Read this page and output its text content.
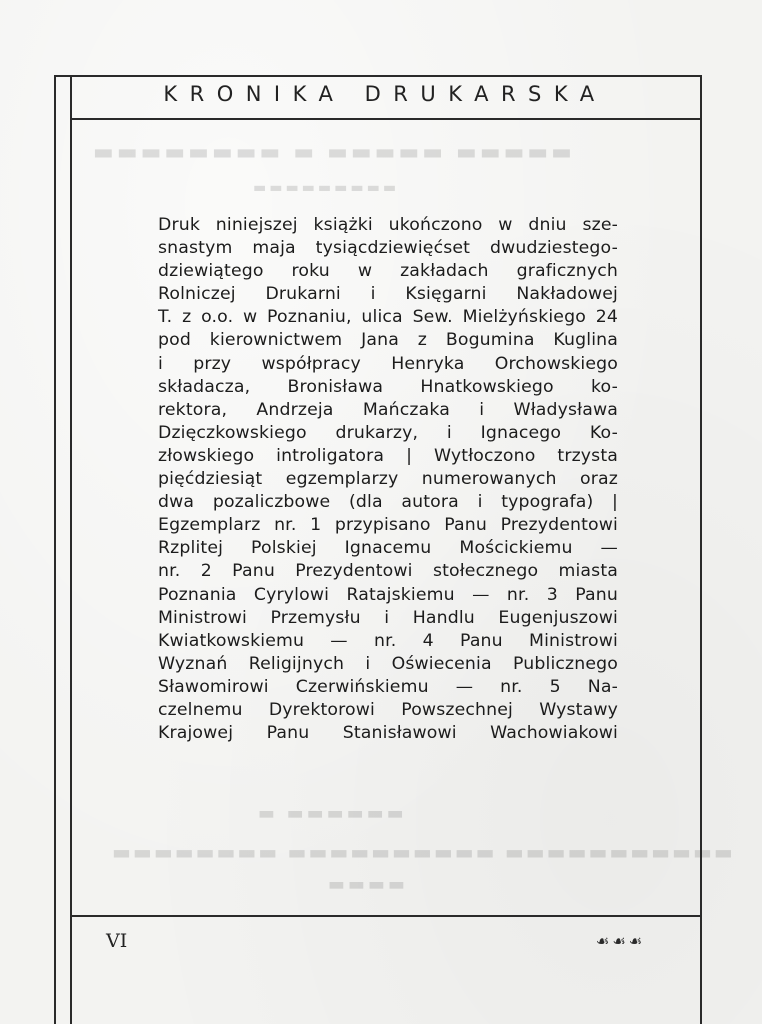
▬▬▬▬▬ ▬▬▬▬▬ ▬ ▬▬▬▬▬▬▬▬
▬▬▬▬▬▬▬▬▬
▬▬▬▬▬▬ ▬
▬▬▬▬▬▬▬▬▬▬▬ ▬▬▬▬▬▬▬▬▬▬ ▬▬▬▬▬▬▬▬
▬▬▬▬
KRONIKA DRUKARSKA
Druk niniejszej książki ukończono w dniu sze-
snastym maja tysiącdziewięćset dwudziestego-
dziewiątego roku w zakładach graficznych
Rolniczej Drukarni i Księgarni Nakładowej
T. z o.o. w Poznaniu, ulica Sew. Mielżyńskiego 24
pod kierownictwem Jana z Bogumina Kuglina
i przy współpracy Henryka Orchowskiego
składacza, Bronisława Hnatkowskiego ko-
rektora, Andrzeja Mańczaka i Władysława
Dzięczkowskiego drukarzy, i Ignacego Ko-
złowskiego introligatora | Wytłoczono trzysta
pięćdziesiąt egzemplarzy numerowanych oraz
dwa pozaliczbowe (dla autora i typografa) |
Egzemplarz nr. 1 przypisano Panu Prezydentowi
Rzplitej Polskiej Ignacemu Mościckiemu —
nr. 2 Panu Prezydentowi stołecznego miasta
Poznania Cyrylowi Ratajskiemu — nr. 3 Panu
Ministrowi Przemysłu i Handlu Eugenjuszowi
Kwiatkowskiemu — nr. 4 Panu Ministrowi
Wyznań Religijnych i Oświecenia Publicznego
Sławomirowi Czerwińskiemu — nr. 5 Na-
czelnemu Dyrektorowi Powszechnej Wystawy
Krajowej Panu Stanisławowi Wachowiakowi
VI	☙☙☙
